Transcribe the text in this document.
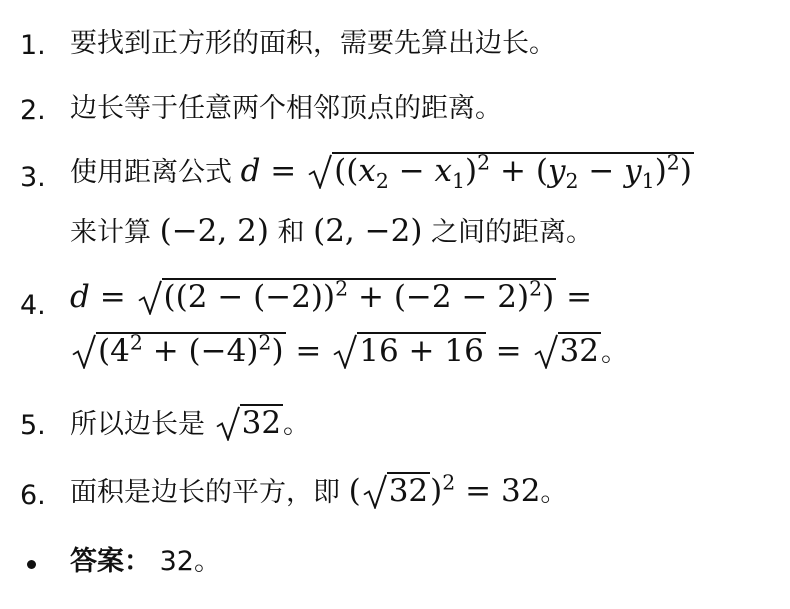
1. 要找到正方形的面积，需要先算出边长。
2. 边长等于任意两个相邻顶点的距离。
3. 使用距离公式 d =
$((x_2 - x_1)^2 + (y_2 - y_1)^2)$
来计算 (−2, 2) 和 (2, −2) 之间的距离。
4. d =
$((2 - (-2))^2 + (-2 - 2)^2)$ =
$(4^2 + (-4)^2)$ =
16 + 16 =
32。
5. 所以边长是 32。
6. 面积是边长的平方，即 ( 32)$^2$ = 32。
答案： 32。
